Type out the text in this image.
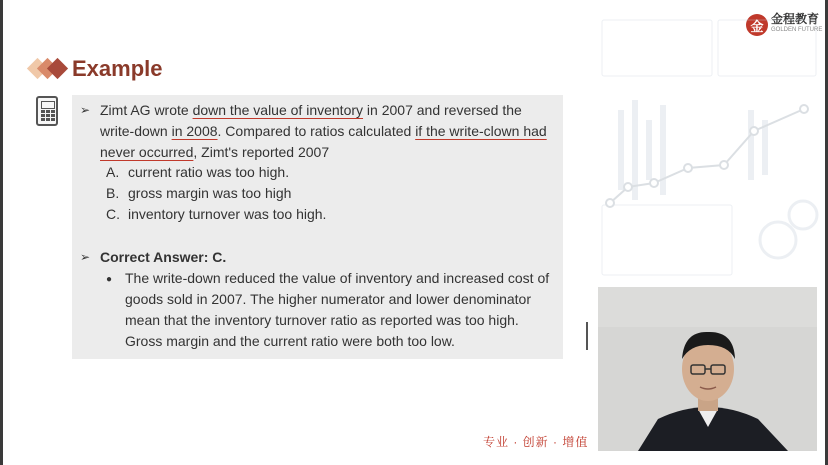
Example
➢ Zimt AG wrote down the value of inventory in 2007 and reversed the write-down in 2008. Compared to ratios calculated if the write-clown had never occurred, Zimt's reported 2007
A. current ratio was too high.
B. gross margin was too high
C. inventory turnover was too high.
➢ Correct Answer: C.
● The write-down reduced the value of inventory and increased cost of goods sold in 2007. The higher numerator and lower denominator mean that the inventory turnover ratio as reported was too high. Gross margin and the current ratio were both too low.
专业 · 创新 · 增值
金 金程教育
GOLDEN FUTURE
